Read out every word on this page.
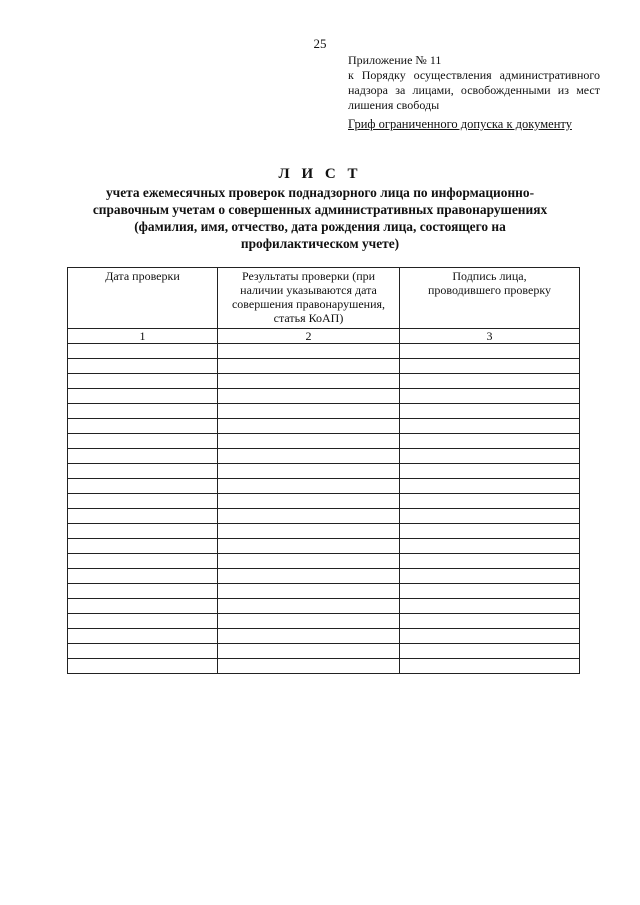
25
Приложение № 11
к Порядку осуществления административного
надзора за лицами, освобожденными из мест
лишения свободы
Гриф ограниченного допуска к документу
Л И С Т
учета ежемесячных проверок поднадзорного лица по информационно-
справочным учетам о совершенных административных правонарушениях
(фамилия, имя, отчество, дата рождения лица, состоящего на
профилактическом учете)
Дата проверки	Результаты проверки (при
наличии указываются дата
совершения правонарушения,
статья КоАП)	Подпись лица,
проводившего проверку

1	2	3
